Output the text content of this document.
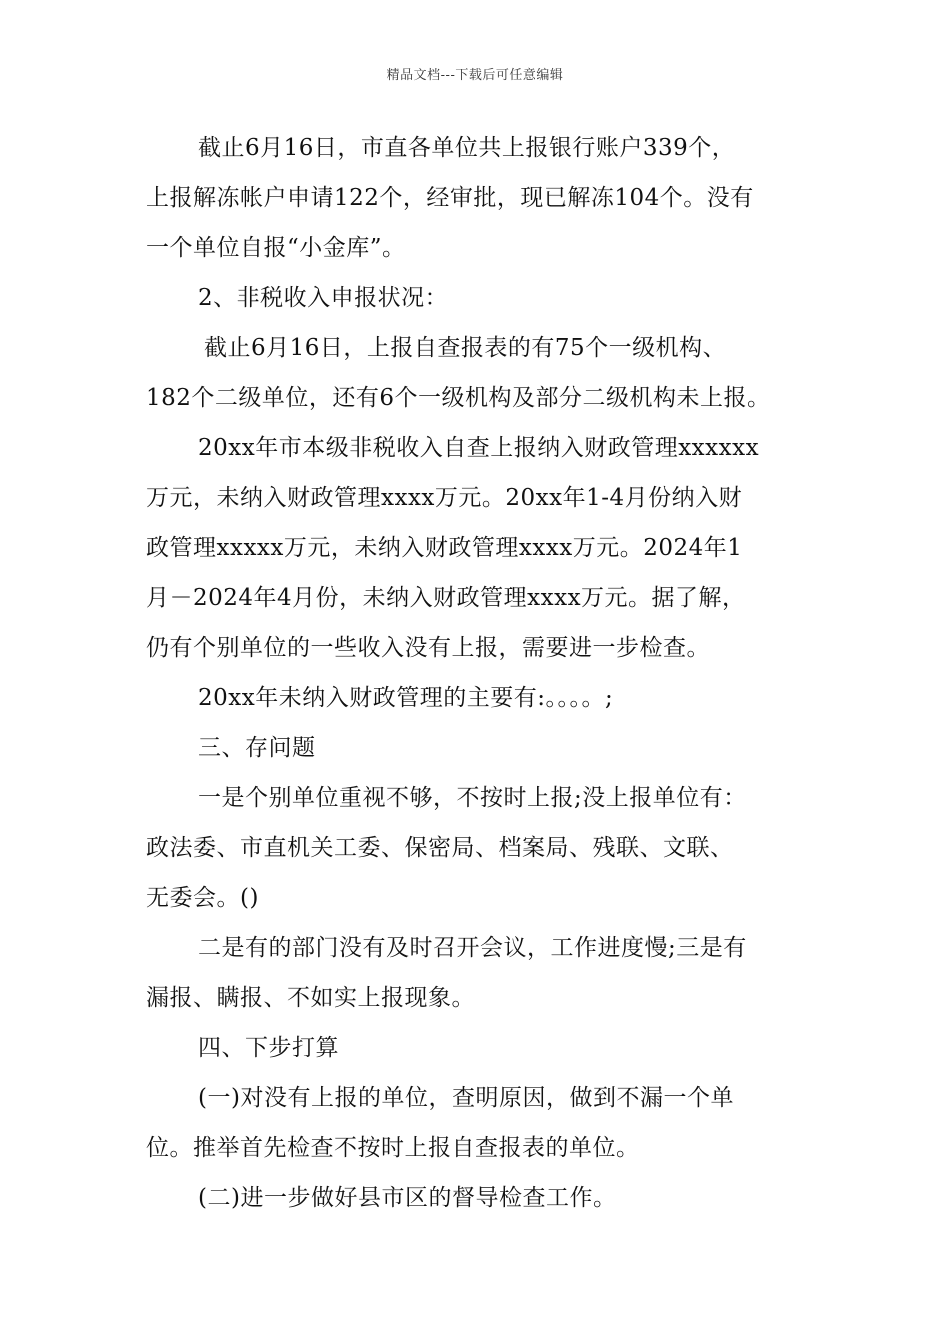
精品文档---下载后可任意编辑
截止6月16日，市直各单位共上报银行账户339个，
上报解冻帐户申请122个，经审批，现已解冻104个。没有
一个单位自报“小金库”。
2、非税收入申报状况：
截止6月16日，上报自查报表的有75个一级机构、
182个二级单位，还有6个一级机构及部分二级机构未上报。
20xx年市本级非税收入自查上报纳入财政管理xxxxxx
万元，未纳入财政管理xxxx万元。20xx年1-4月份纳入财
政管理xxxxx万元，未纳入财政管理xxxx万元。2024年1
月－2024年4月份，未纳入财政管理xxxx万元。据了解，
仍有个别单位的一些收入没有上报，需要进一步检查。
20xx年未纳入财政管理的主要有:。。。。;
三、存问题
一是个别单位重视不够，不按时上报;没上报单位有：
政法委、市直机关工委、保密局、档案局、残联、文联、
无委会。()
二是有的部门没有及时召开会议，工作进度慢;三是有
漏报、瞒报、不如实上报现象。
四、下步打算
(一)对没有上报的单位，查明原因，做到不漏一个单
位。推举首先检查不按时上报自查报表的单位。
(二)进一步做好县市区的督导检查工作。
